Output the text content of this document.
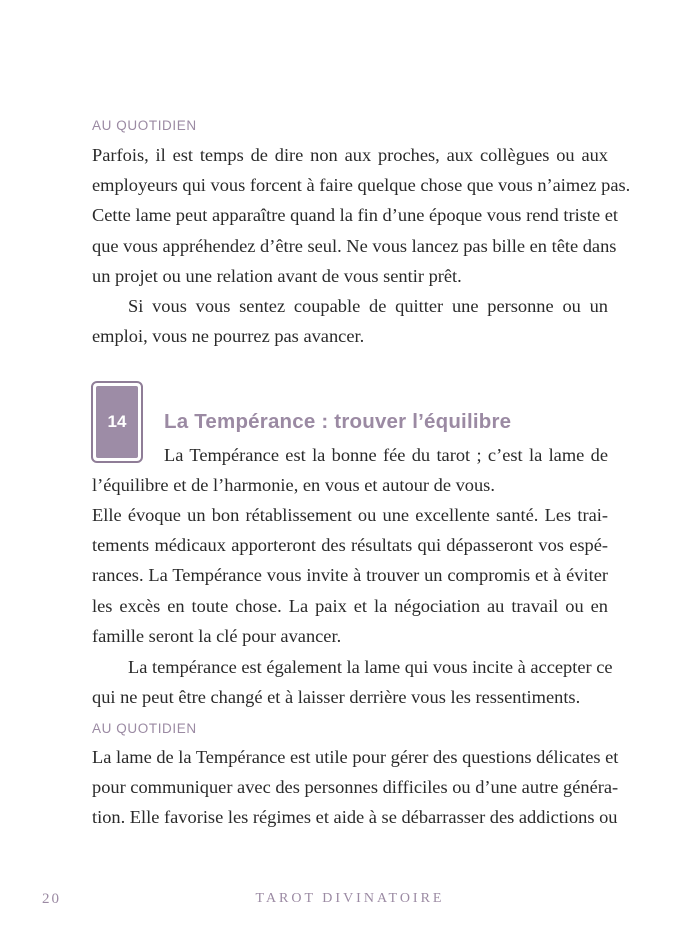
AU QUOTIDIEN
Parfois, il est temps de dire non aux proches, aux collègues ou aux
employeurs qui vous forcent à faire quelque chose que vous n’aimez pas.
Cette lame peut apparaître quand la fin d’une époque vous rend triste et
que vous appréhendez d’être seul. Ne vous lancez pas bille en tête dans
un projet ou une relation avant de vous sentir prêt.
Si vous vous sentez coupable de quitter une personne ou un
emploi, vous ne pourrez pas avancer.
14	La Tempérance : trouver l’équilibre
La Tempérance est la bonne fée du tarot ; c’est la lame de
l’équilibre et de l’harmonie, en vous et autour de vous.
Elle évoque un bon rétablissement ou une excellente santé. Les trai-
tements médicaux apporteront des résultats qui dépasseront vos espé-
rances. La Tempérance vous invite à trouver un compromis et à éviter
les excès en toute chose. La paix et la négociation au travail ou en
famille seront la clé pour avancer.
La tempérance est également la lame qui vous incite à accepter ce
qui ne peut être changé et à laisser derrière vous les ressentiments.
AU QUOTIDIEN
La lame de la Tempérance est utile pour gérer des questions délicates et
pour communiquer avec des personnes difficiles ou d’une autre généra-
tion. Elle favorise les régimes et aide à se débarrasser des addictions ou
20	TAROT DIVINATOIRE
